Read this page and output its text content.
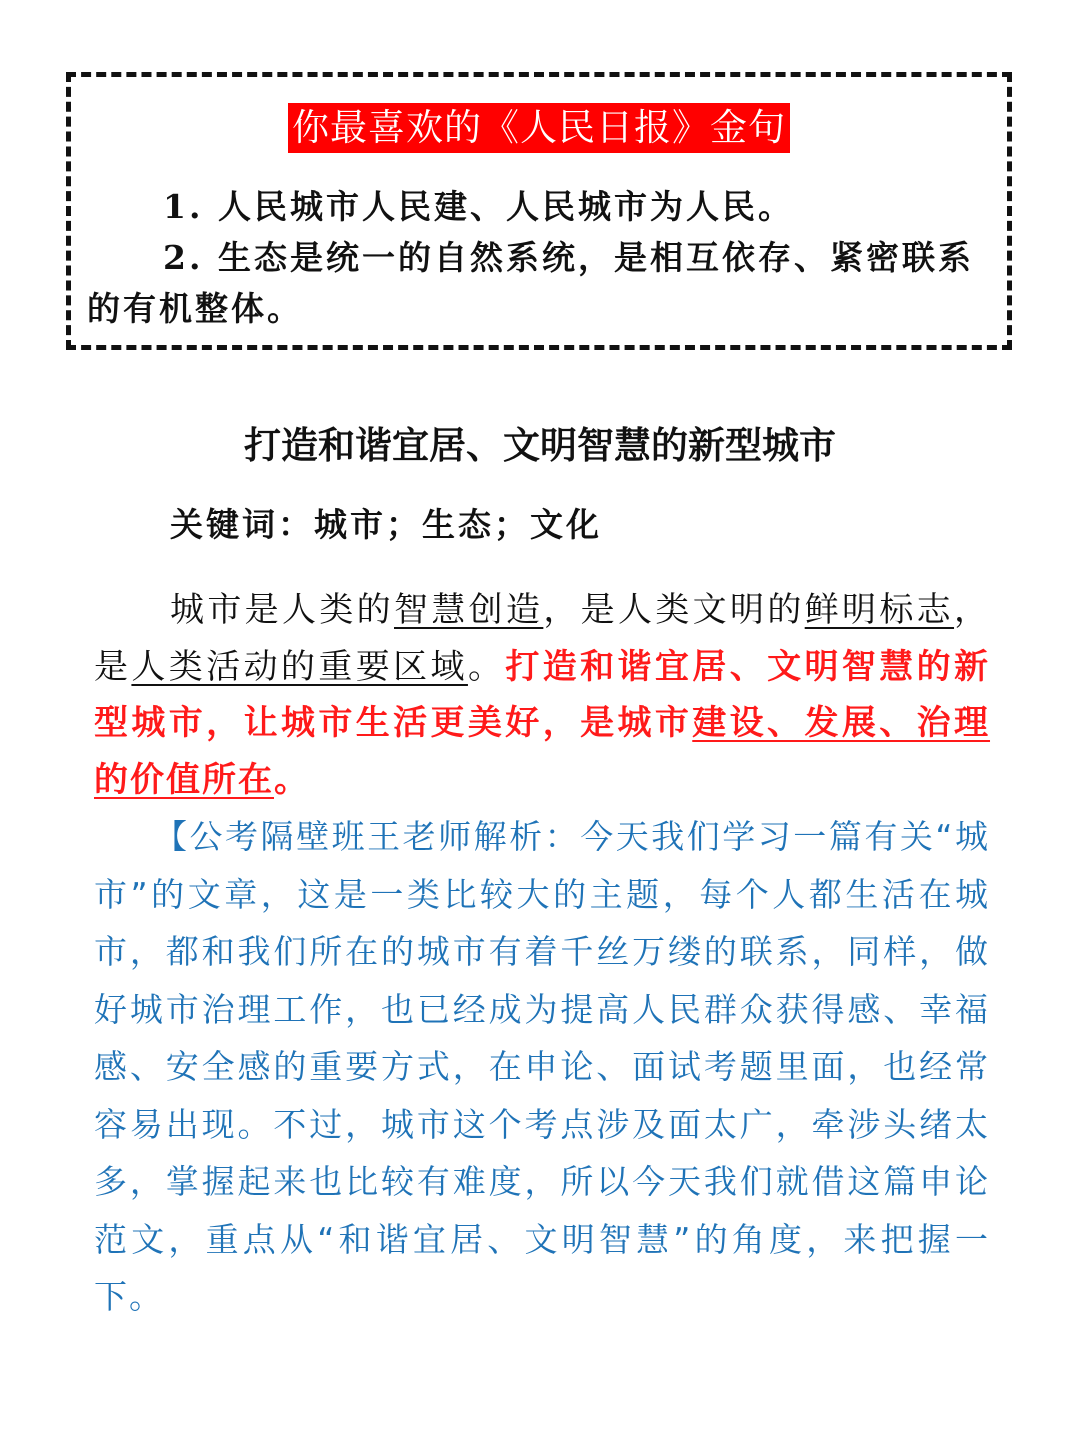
你最喜欢的《人民日报》金句

1. 人民城市人民建、人民城市为人民。

2. 生态是统一的自然系统，是相互依存、紧密联系的有机整体。

打造和谐宜居、文明智慧的新型城市
关键词：城市；生态；文化

城市是人类的智慧创造，是人类文明的鲜明标志，是人类活动的重要区域。打造和谐宜居、文明智慧的新型城市，让城市生活更美好，是城市建设、发展、治理的价值所在。

【公考隔壁班王老师解析：今天我们学习一篇有关“城市”的文章，这是一类比较大的主题，每个人都生活在城市，都和我们所在的城市有着千丝万缕的联系，同样，做好城市治理工作，也已经成为提高人民群众获得感、幸福感、安全感的重要方式，在申论、面试考题里面，也经常容易出现。不过，城市这个考点涉及面太广，牵涉头绪太多，掌握起来也比较有难度，所以今天我们就借这篇申论范文，重点从“和谐宜居、文明智慧”的角度，来把握一下。
